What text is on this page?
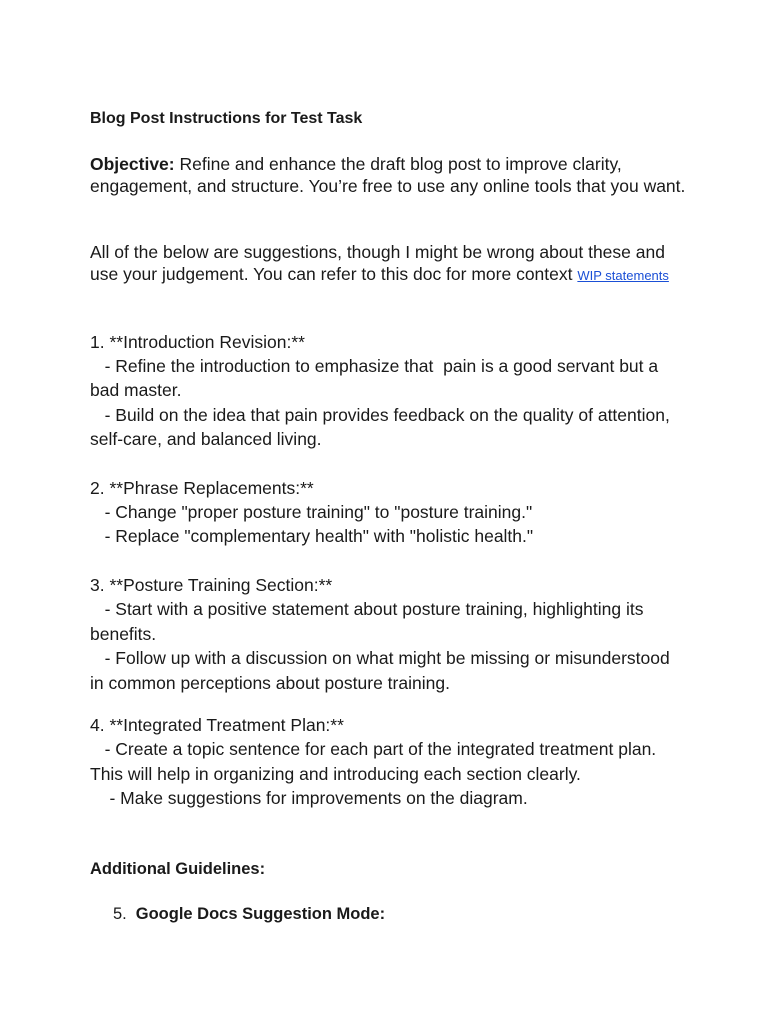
Blog Post Instructions for Test Task

Objective: Refine and enhance the draft blog post to improve clarity, engagement, and structure. You’re free to use any online tools that you want.

All of the below are suggestions, though I might be wrong about these and use your judgement. You can refer to this doc for more context WIP statements

1. **Introduction Revision:**

- Refine the introduction to emphasize that  pain is a good servant but a

bad master.

- Build on the idea that pain provides feedback on the quality of attention,

self-care, and balanced living.

2. **Phrase Replacements:**

- Change "proper posture training" to "posture training."

- Replace "complementary health" with "holistic health."

3. **Posture Training Section:**

- Start with a positive statement about posture training, highlighting its

benefits.

- Follow up with a discussion on what might be missing or misunderstood

in common perceptions about posture training.

4. **Integrated Treatment Plan:**

- Create a topic sentence for each part of the integrated treatment plan.

This will help in organizing and introducing each section clearly.

- Make suggestions for improvements on the diagram.

Additional Guidelines:

5. Google Docs Suggestion Mode:
